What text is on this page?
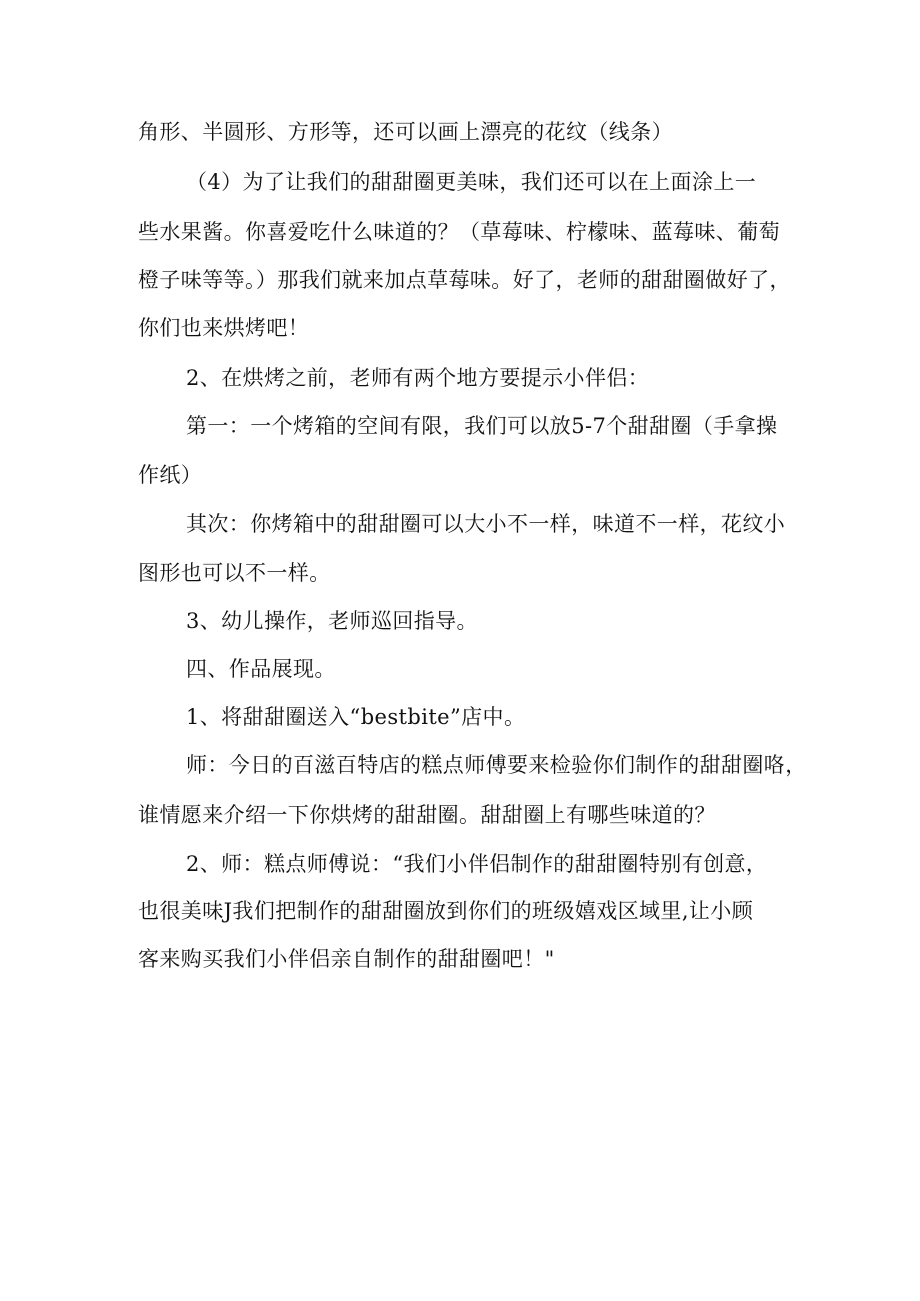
角形、半圆形、方形等，还可以画上漂亮的花纹（线条）
（4）为了让我们的甜甜圈更美味，我们还可以在上面涂上一
些水果酱。你喜爱吃什么味道的？（草莓味、柠檬味、蓝莓味、葡萄
橙子味等等。）那我们就来加点草莓味。好了，老师的甜甜圈做好了，
你们也来烘烤吧！
2、在烘烤之前，老师有两个地方要提示小伴侣：
第一：一个烤箱的空间有限，我们可以放5-7个甜甜圈（手拿操
作纸）
其次：你烤箱中的甜甜圈可以大小不一样，味道不一样，花纹小
图形也可以不一样。
3、幼儿操作，老师巡回指导。
四、作品展现。
1、将甜甜圈送入“bestbite”店中。
师：今日的百滋百特店的糕点师傅要来检验你们制作的甜甜圈咯，
谁情愿来介绍一下你烘烤的甜甜圈。甜甜圈上有哪些味道的？
2、师：糕点师傅说：“我们小伴侣制作的甜甜圈特别有创意，
也很美味J我们把制作的甜甜圈放到你们的班级嬉戏区域里,让小顾
客来购买我们小伴侣亲自制作的甜甜圈吧！"
